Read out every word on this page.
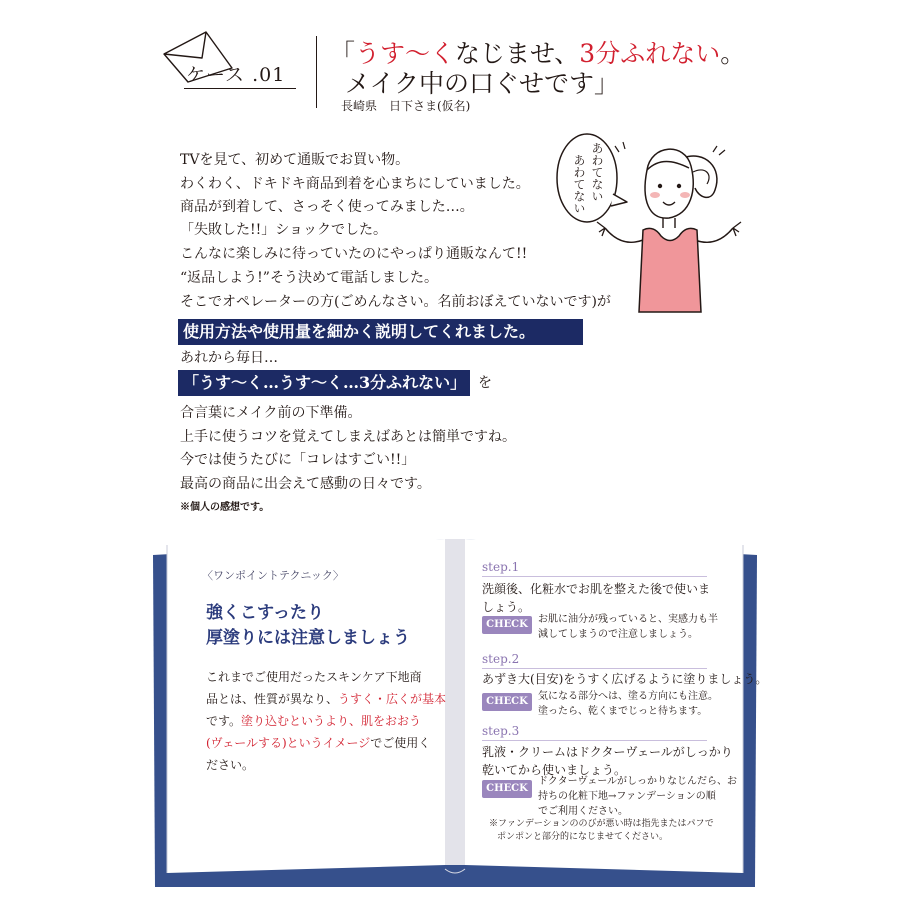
ケース .01
「うす〜くなじませ、3分ふれない。
メイク中の口ぐせです」
長崎県　日下さま(仮名)
TVを見て、初めて通販でお買い物。
わくわく、ドキドキ商品到着を心まちにしていました。
商品が到着して、さっそく使ってみました…。
「失敗した!!」ショックでした。
こんなに楽しみに待っていたのにやっぱり通販なんて!!
“返品しよう!”そう決めて電話しました。
そこでオペレーターの方(ごめんなさい。名前おぼえていないです)が
使用方法や使用量を細かく説明してくれました。
あれから毎日…
「うす〜く…うす〜く…3分ふれない」 を
合言葉にメイク前の下準備。
上手に使うコツを覚えてしまえばあとは簡単ですね。
今では使うたびに「コレはすごい!!」
最高の商品に出会えて感動の日々です。
※個人の感想です。
あわてない
あわてない
〈ワンポイントテクニック〉
強くこすったり
厚塗りには注意しましょう
これまでご使用だったスキンケア下地商
品とは、性質が異なり、うすく・広くが基本
です。塗り込むというより、肌をおおう
(ヴェールする)というイメージでご使用く
ださい。
step.1
洗顔後、化粧水でお肌を整えた後で使いま
しょう。
CHECK	お肌に油分が残っていると、実感力も半
減してしまうので注意しましょう。
step.2
あずき大(目安)をうすく広げるように塗りましょう。
CHECK	気になる部分へは、塗る方向にも注意。
塗ったら、乾くまでじっと待ちます。
step.3
乳液・クリームはドクターヴェールがしっかり
乾いてから使いましょう。
CHECK
ドクターヴェールがしっかりなじんだら、お
持ちの化粧下地→ファンデーションの順
でご利用ください。
※ファンデーションののびが悪い時は指先またはパフで
ポンポンと部分的になじませてください。
